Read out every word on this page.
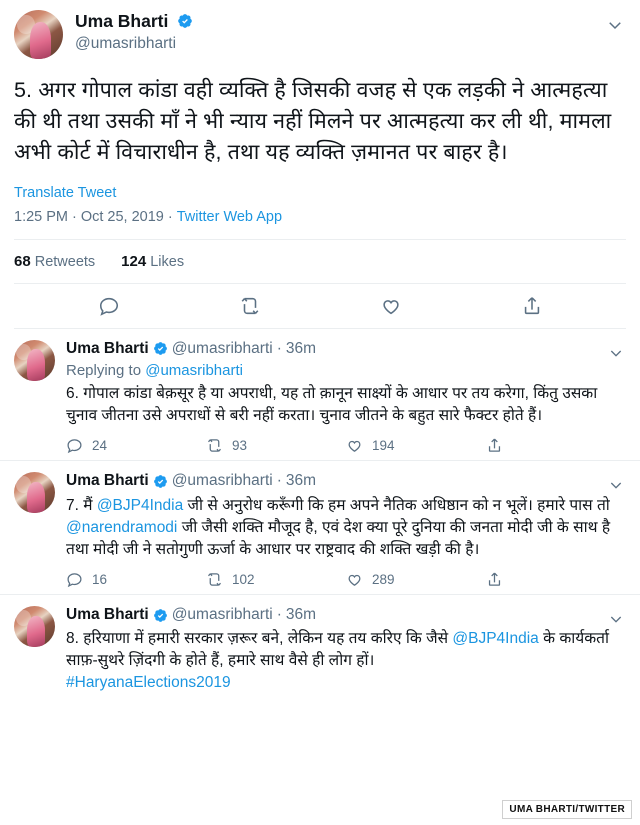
Uma Bharti
@umasribharti

5. अगर गोपाल कांडा वही व्यक्ति है जिसकी वजह से एक लड़की ने आत्महत्या की थी तथा उसकी माँ ने भी न्याय नहीं मिलने पर आत्महत्या कर ली थी, मामला अभी कोर्ट में विचाराधीन है, तथा यह व्यक्ति ज़मानत पर बाहर है।

Translate Tweet
1:25 PM · Oct 25, 2019 · Twitter Web App
68 Retweets 124 Likes
Uma Bharti @umasribharti · 36m
Replying to @umasribharti
6. गोपाल कांडा बेक़सूर है या अपराधी, यह तो क़ानून साक्ष्यों के आधार पर तय करेगा, किंतु उसका चुनाव जीतना उसे अपराधों से बरी नहीं करता। चुनाव जीतने के बहुत सारे फैक्टर होते हैं।
24	93	194
Uma Bharti @umasribharti · 36m
7. मैं @BJP4India जी से अनुरोध करूँगी कि हम अपने नैतिक अधिष्ठान को न भूलें। हमारे पास तो @narendramodi जी जैसी शक्ति मौजूद है, एवं देश क्या पूरे दुनिया की जनता मोदी जी के साथ है तथा मोदी जी ने सतोगुणी ऊर्जा के आधार पर राष्ट्रवाद की शक्ति खड़ी की है।
16	102	289
Uma Bharti @umasribharti · 36m
8. हरियाणा में हमारी सरकार ज़रूर बने, लेकिन यह तय करिए कि जैसे @BJP4India के कार्यकर्ता साफ़-सुथरे ज़िंदगी के होते हैं, हमारे साथ वैसे ही लोग हों।
#HaryanaElections2019
UMA BHARTI/TWITTER
